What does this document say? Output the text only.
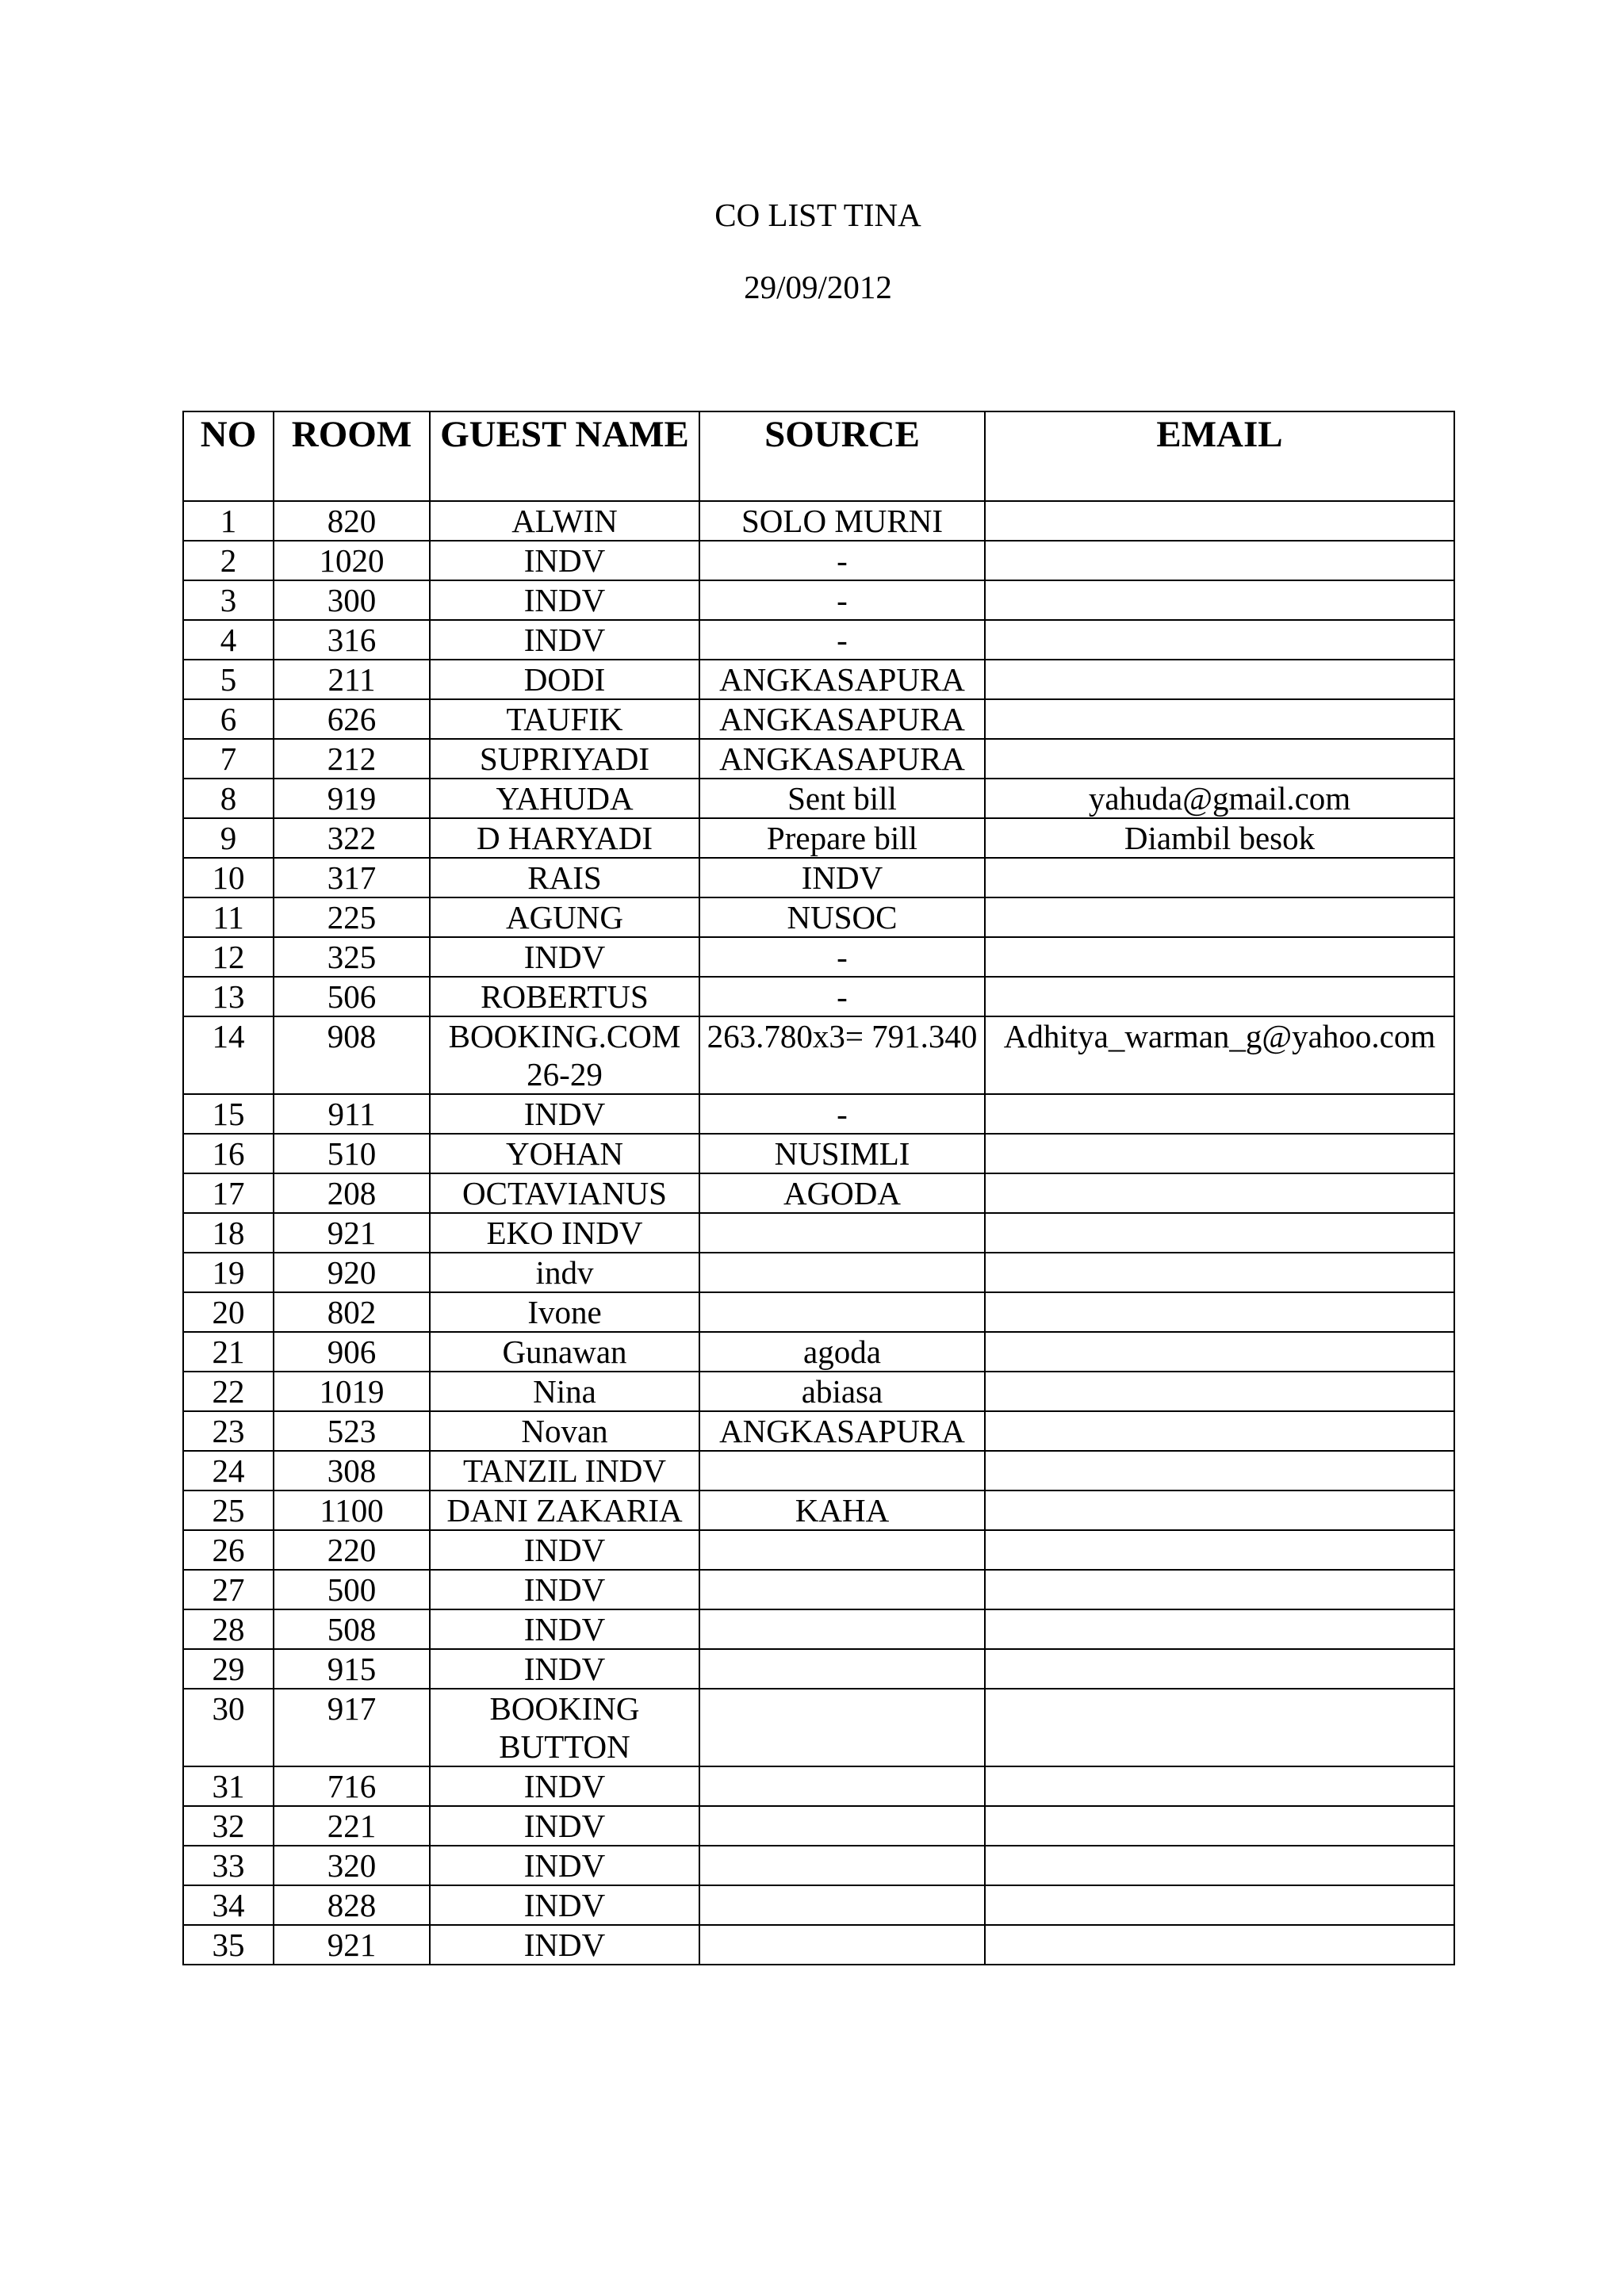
CO LIST TINA
29/09/2012
NO	ROOM	GUEST NAME	SOURCE	EMAIL
1	820	ALWIN	SOLO MURNI	
2	1020	INDV	-	
3	300	INDV	-	
4	316	INDV	-	
5	211	DODI	ANGKASAPURA	
6	626	TAUFIK	ANGKASAPURA	
7	212	SUPRIYADI	ANGKASAPURA	
8	919	YAHUDA	Sent bill	yahuda@gmail.com
9	322	D HARYADI	Prepare bill	Diambil besok
10	317	RAIS	INDV	
11	225	AGUNG	NUSOC	
12	325	INDV	-	
13	506	ROBERTUS	-	
14	908	BOOKING.COM 26-29	263.780x3= 791.340	Adhitya_warman_g@yahoo.com
15	911	INDV	-	
16	510	YOHAN	NUSIMLI	
17	208	OCTAVIANUS	AGODA	
18	921	EKO INDV		
19	920	indv		
20	802	Ivone		
21	906	Gunawan	agoda	
22	1019	Nina	abiasa	
23	523	Novan	ANGKASAPURA	
24	308	TANZIL INDV		
25	1100	DANI ZAKARIA	KAHA	
26	220	INDV		
27	500	INDV		
28	508	INDV		
29	915	INDV		
30	917	BOOKING BUTTON		
31	716	INDV		
32	221	INDV		
33	320	INDV		
34	828	INDV		
35	921	INDV		
